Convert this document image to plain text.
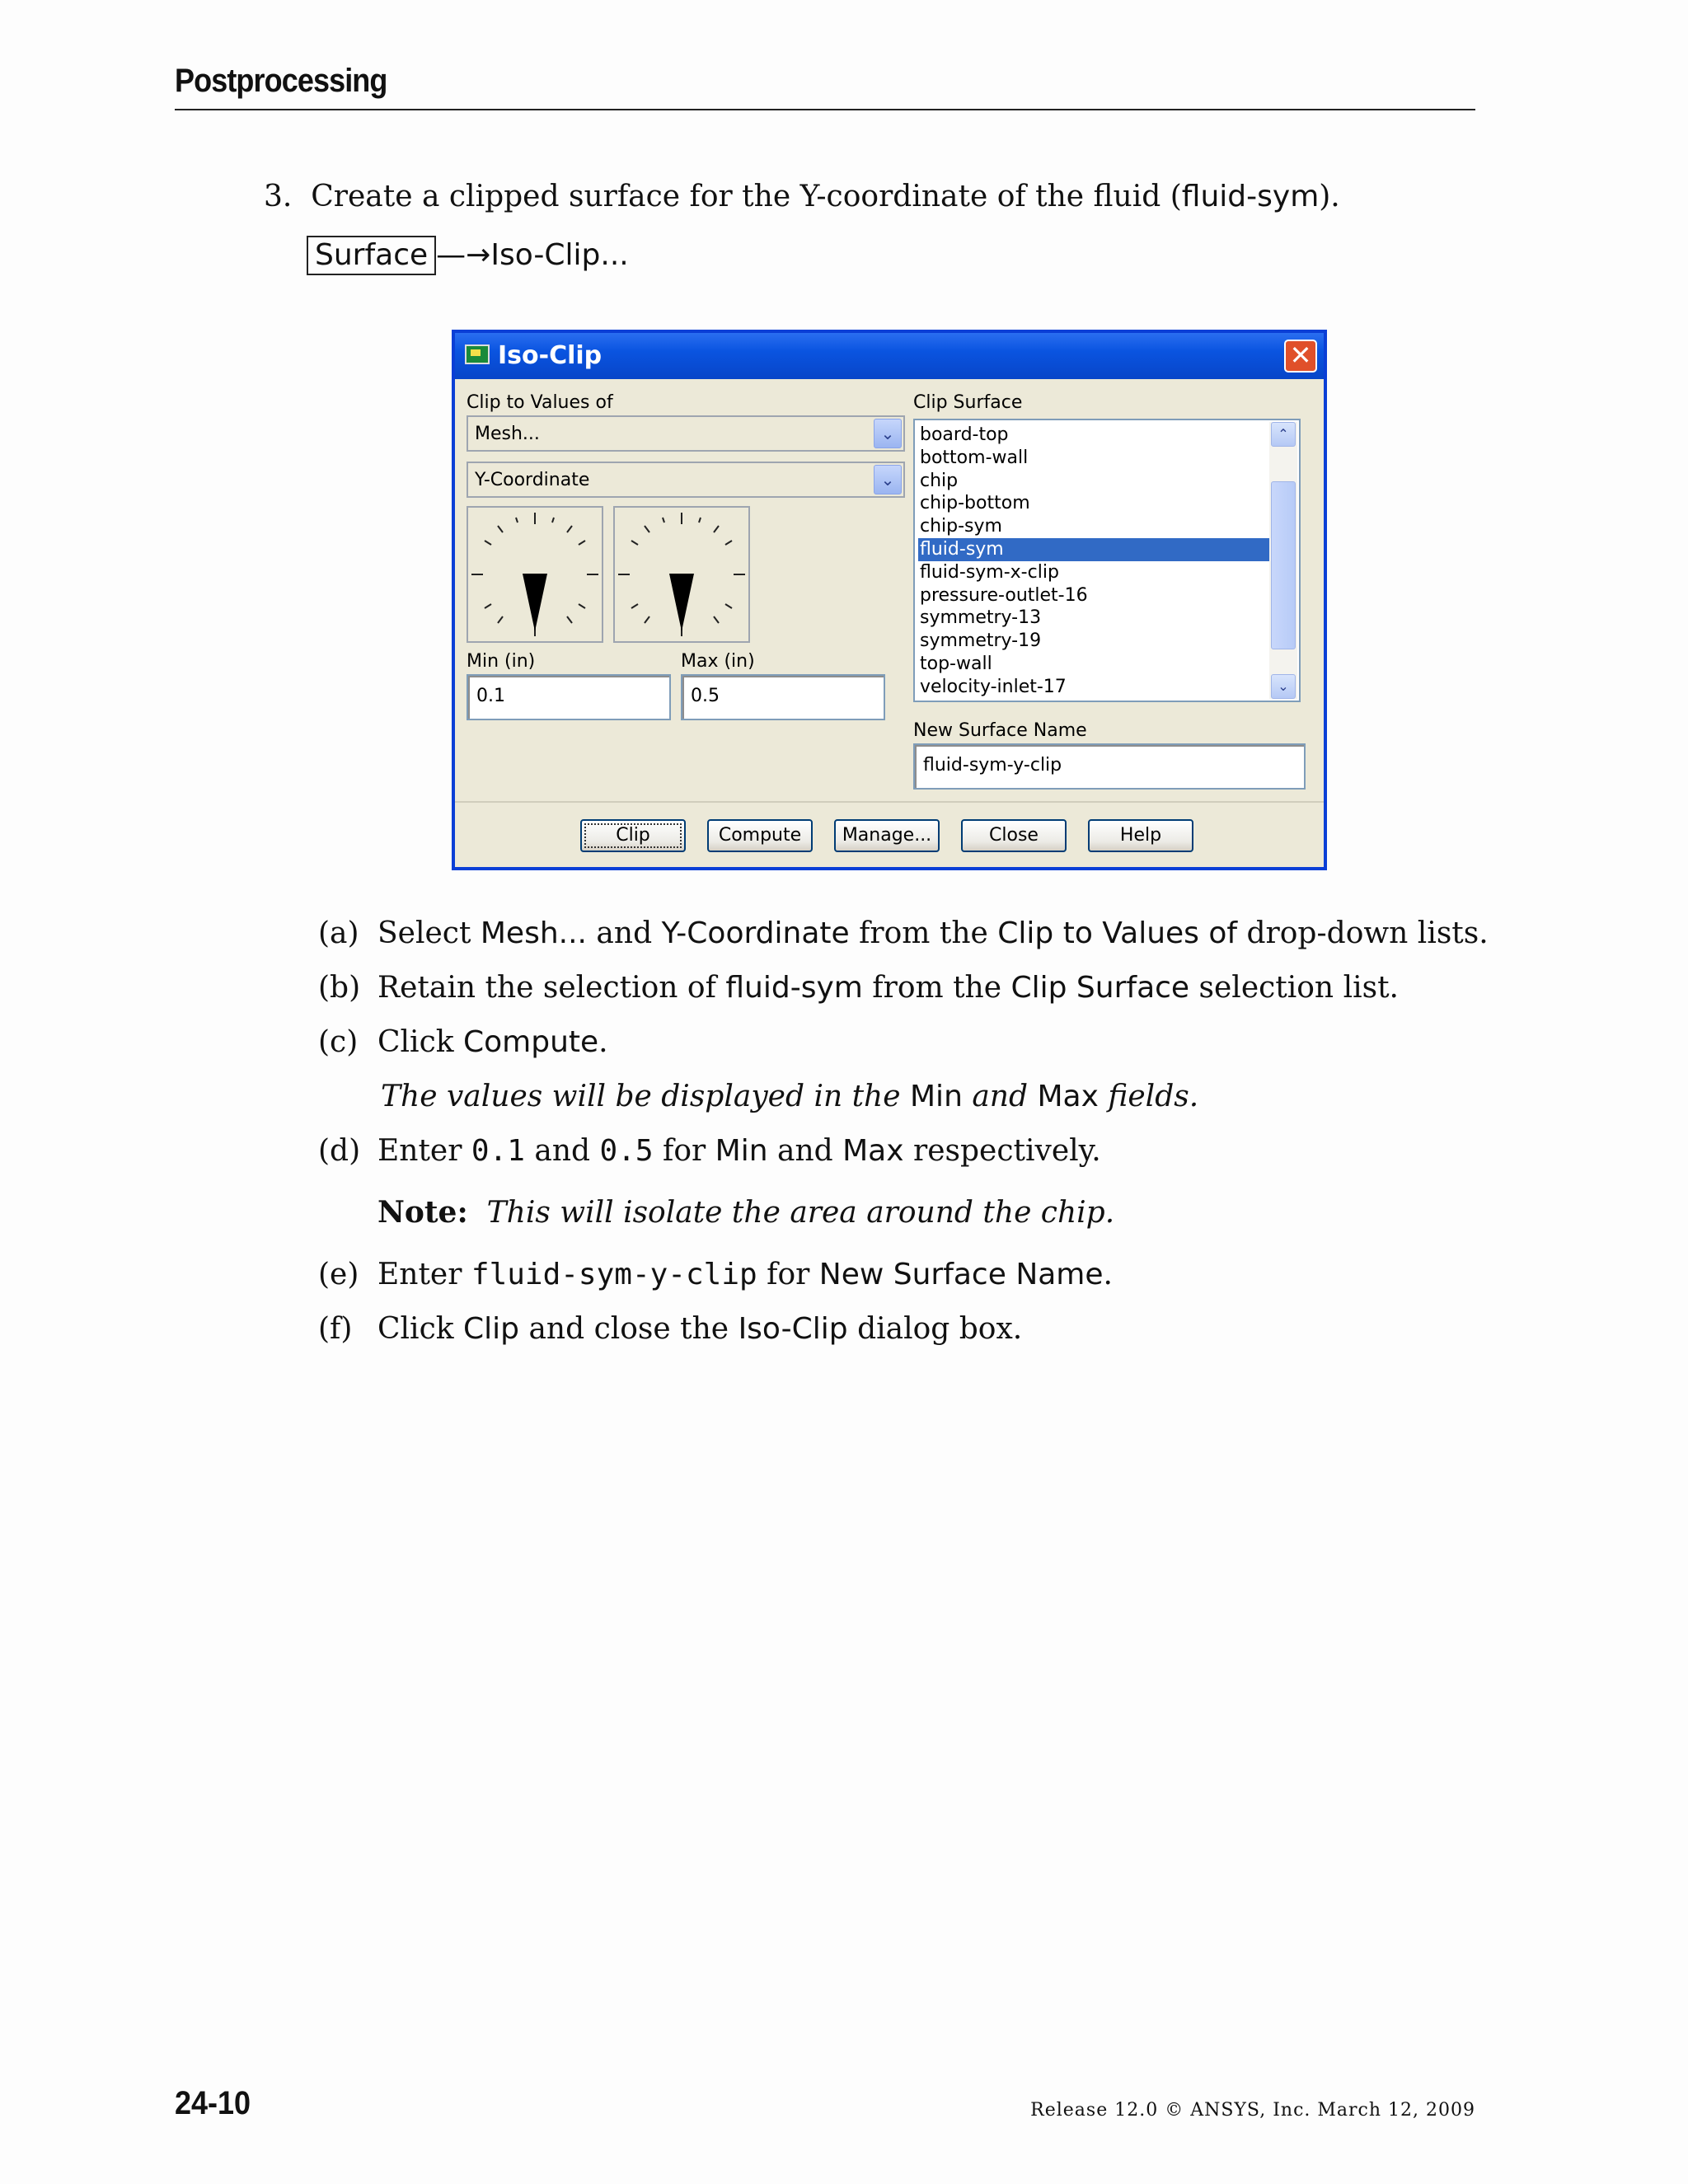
Postprocessing
3. Create a clipped surface for the Y-coordinate of the fluid (fluid-sym).
Surface —→Iso-Clip...
Iso-Clip	✕
Clip to Values of
Mesh...	⌄
Y-Coordinate	⌄
Min (in)
0.1
Max (in)
0.5
Clip Surface
board-top
bottom-wall
chip
chip-bottom
chip-sym
fluid-sym
fluid-sym-x-clip
pressure-outlet-16
symmetry-13
symmetry-19
top-wall
velocity-inlet-17
⌃
⌄
New Surface Name
fluid-sym-y-clip
Clip	Compute	Manage...	Close	Help
(a) Select Mesh... and Y-Coordinate from the Clip to Values of drop-down lists.
(b) Retain the selection of fluid-sym from the Clip Surface selection list.
(c) Click Compute.
The values will be displayed in the Min and Max fields.
(d) Enter 0.1 and 0.5 for Min and Max respectively.
Note: This will isolate the area around the chip.
(e) Enter fluid-sym-y-clip for New Surface Name.
(f) Click Clip and close the Iso-Clip dialog box.
24-10	Release 12.0 © ANSYS, Inc. March 12, 2009
